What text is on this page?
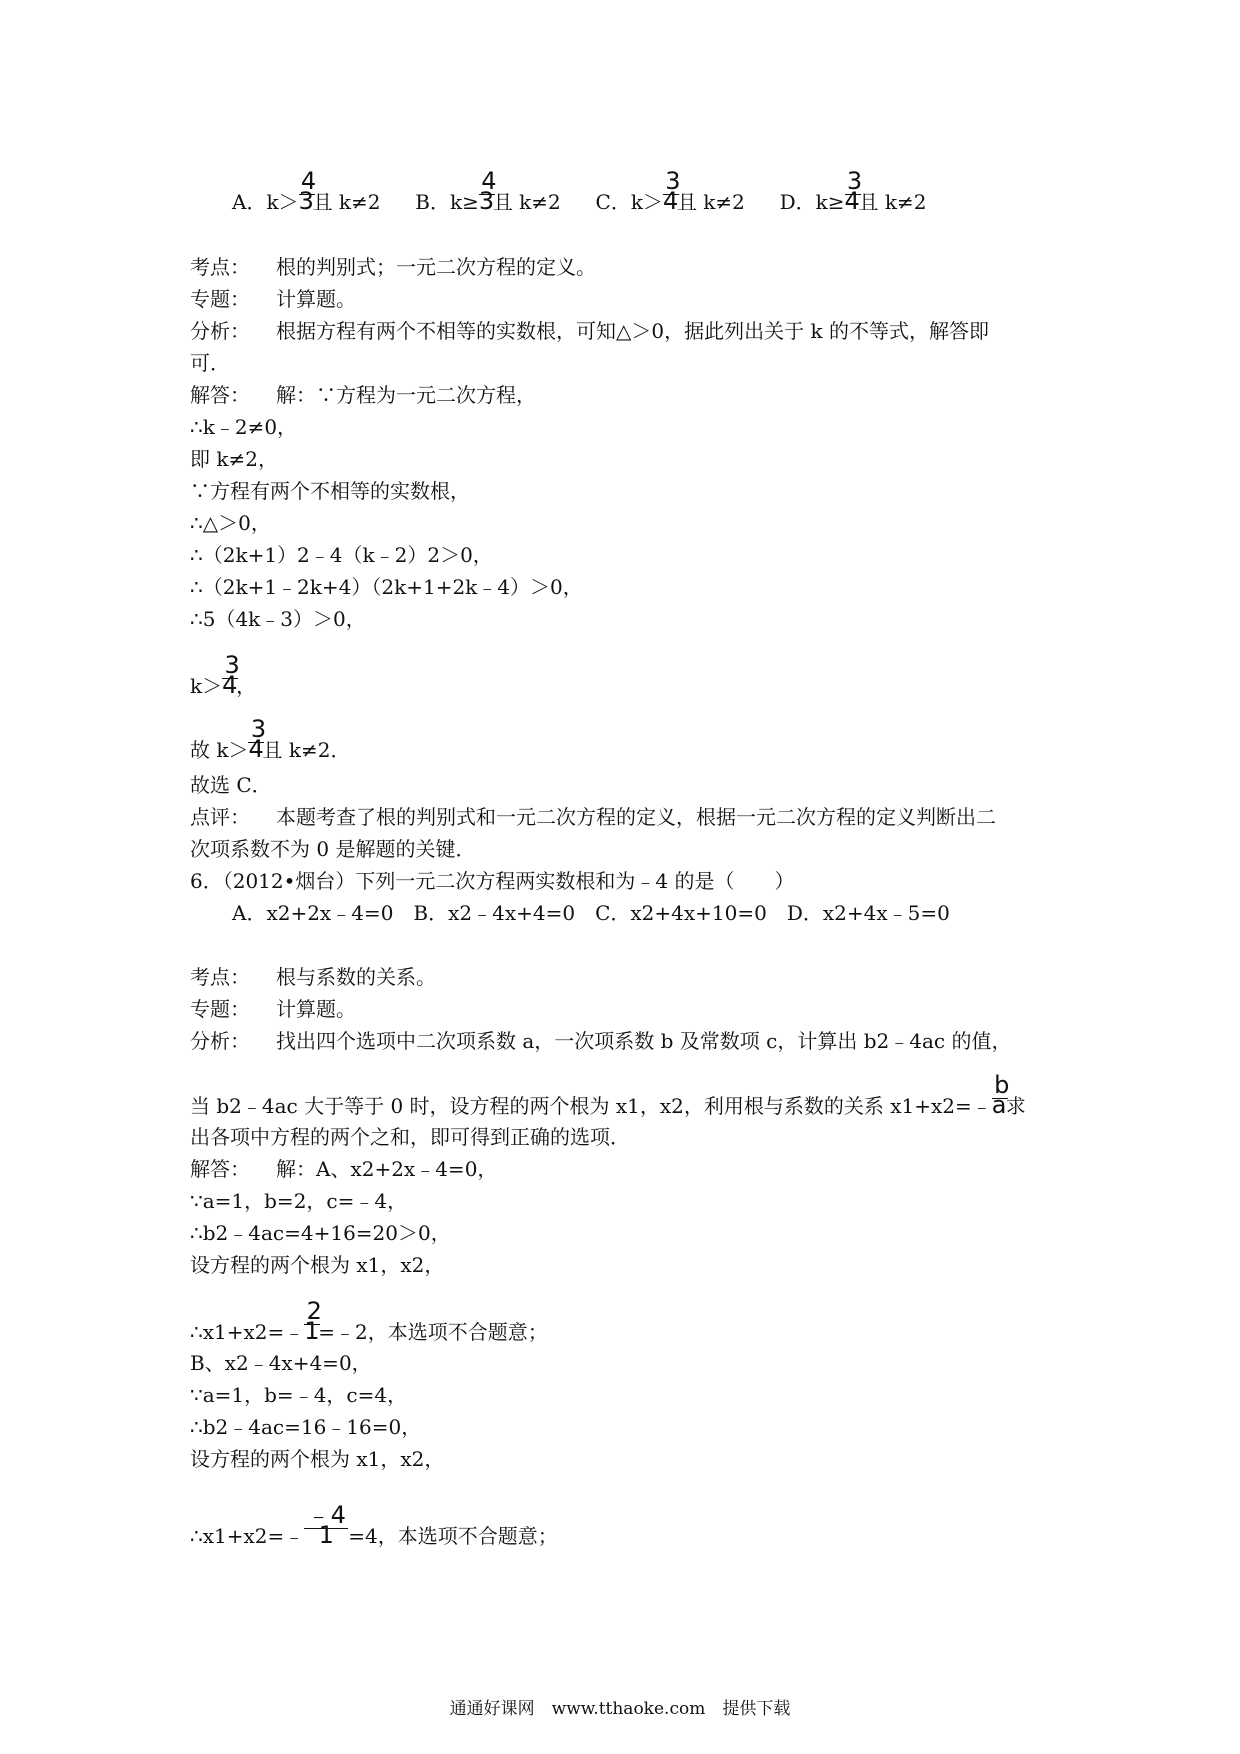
A．$k> \frac{4}{3}$且 k≠2 B．$k\ge \frac{4}{3}$且 k≠2 C．$k> \frac{3}{4}$且 k≠2 D．$k\ge \frac{3}{4}$且 k≠2
考点： 根的判别式；一元二次方程的定义。
专题： 计算题。
分析： 根据方程有两个不相等的实数根，可知△＞0，据此列出关于 k 的不等式，解答即
可．
解答： 解：∵方程为一元二次方程，
∴k﹣2≠0，
即 k≠2，
∵方程有两个不相等的实数根，
∴△＞0，
∴（2k+1）2﹣4（k﹣2）2＞0，
∴（2k+1﹣2k+4）（2k+1+2k﹣4）＞0，
∴5（4k﹣3）＞0，
$k> \frac{3}{4}$，
故 $k> \frac{3}{4}$且 k≠2．
故选 C．
点评： 本题考查了根的判别式和一元二次方程的定义，根据一元二次方程的定义判断出二
次项系数不为 0 是解题的关键．
6．（2012•烟台）下列一元二次方程两实数根和为﹣4 的是（　　）
A．x2+2x﹣4=0　B．x2﹣4x+4=0　C．x2+4x+10=0　D．x2+4x﹣5=0
考点： 根与系数的关系。
专题： 计算题。
分析： 找出四个选项中二次项系数 a，一次项系数 b 及常数项 c，计算出 b2﹣4ac 的值，
当 b2﹣4ac 大于等于 0 时，设方程的两个根为 x1，x2，利用根与系数的关系 x1+x2=﹣ $\frac{b}{a}$求
出各项中方程的两个之和，即可得到正确的选项．
解答： 解：A、x2+2x﹣4=0，
∵a=1，b=2，c=﹣4，
∴b2﹣4ac=4+16=20＞0，
设方程的两个根为 x1，x2，
∴x1+x2=﹣ $\frac{2}{1}=﹣2$，本选项不合题意；
B、x2﹣4x+4=0，
∵a=1，b=﹣4，c=4，
∴b2﹣4ac=16﹣16=0，
设方程的两个根为 x1，x2，
∴x1+x2=﹣ $\frac{﹣4}{1}=4$，本选项不合题意；
通通好课网　www.tthaoke.com　提供下载
